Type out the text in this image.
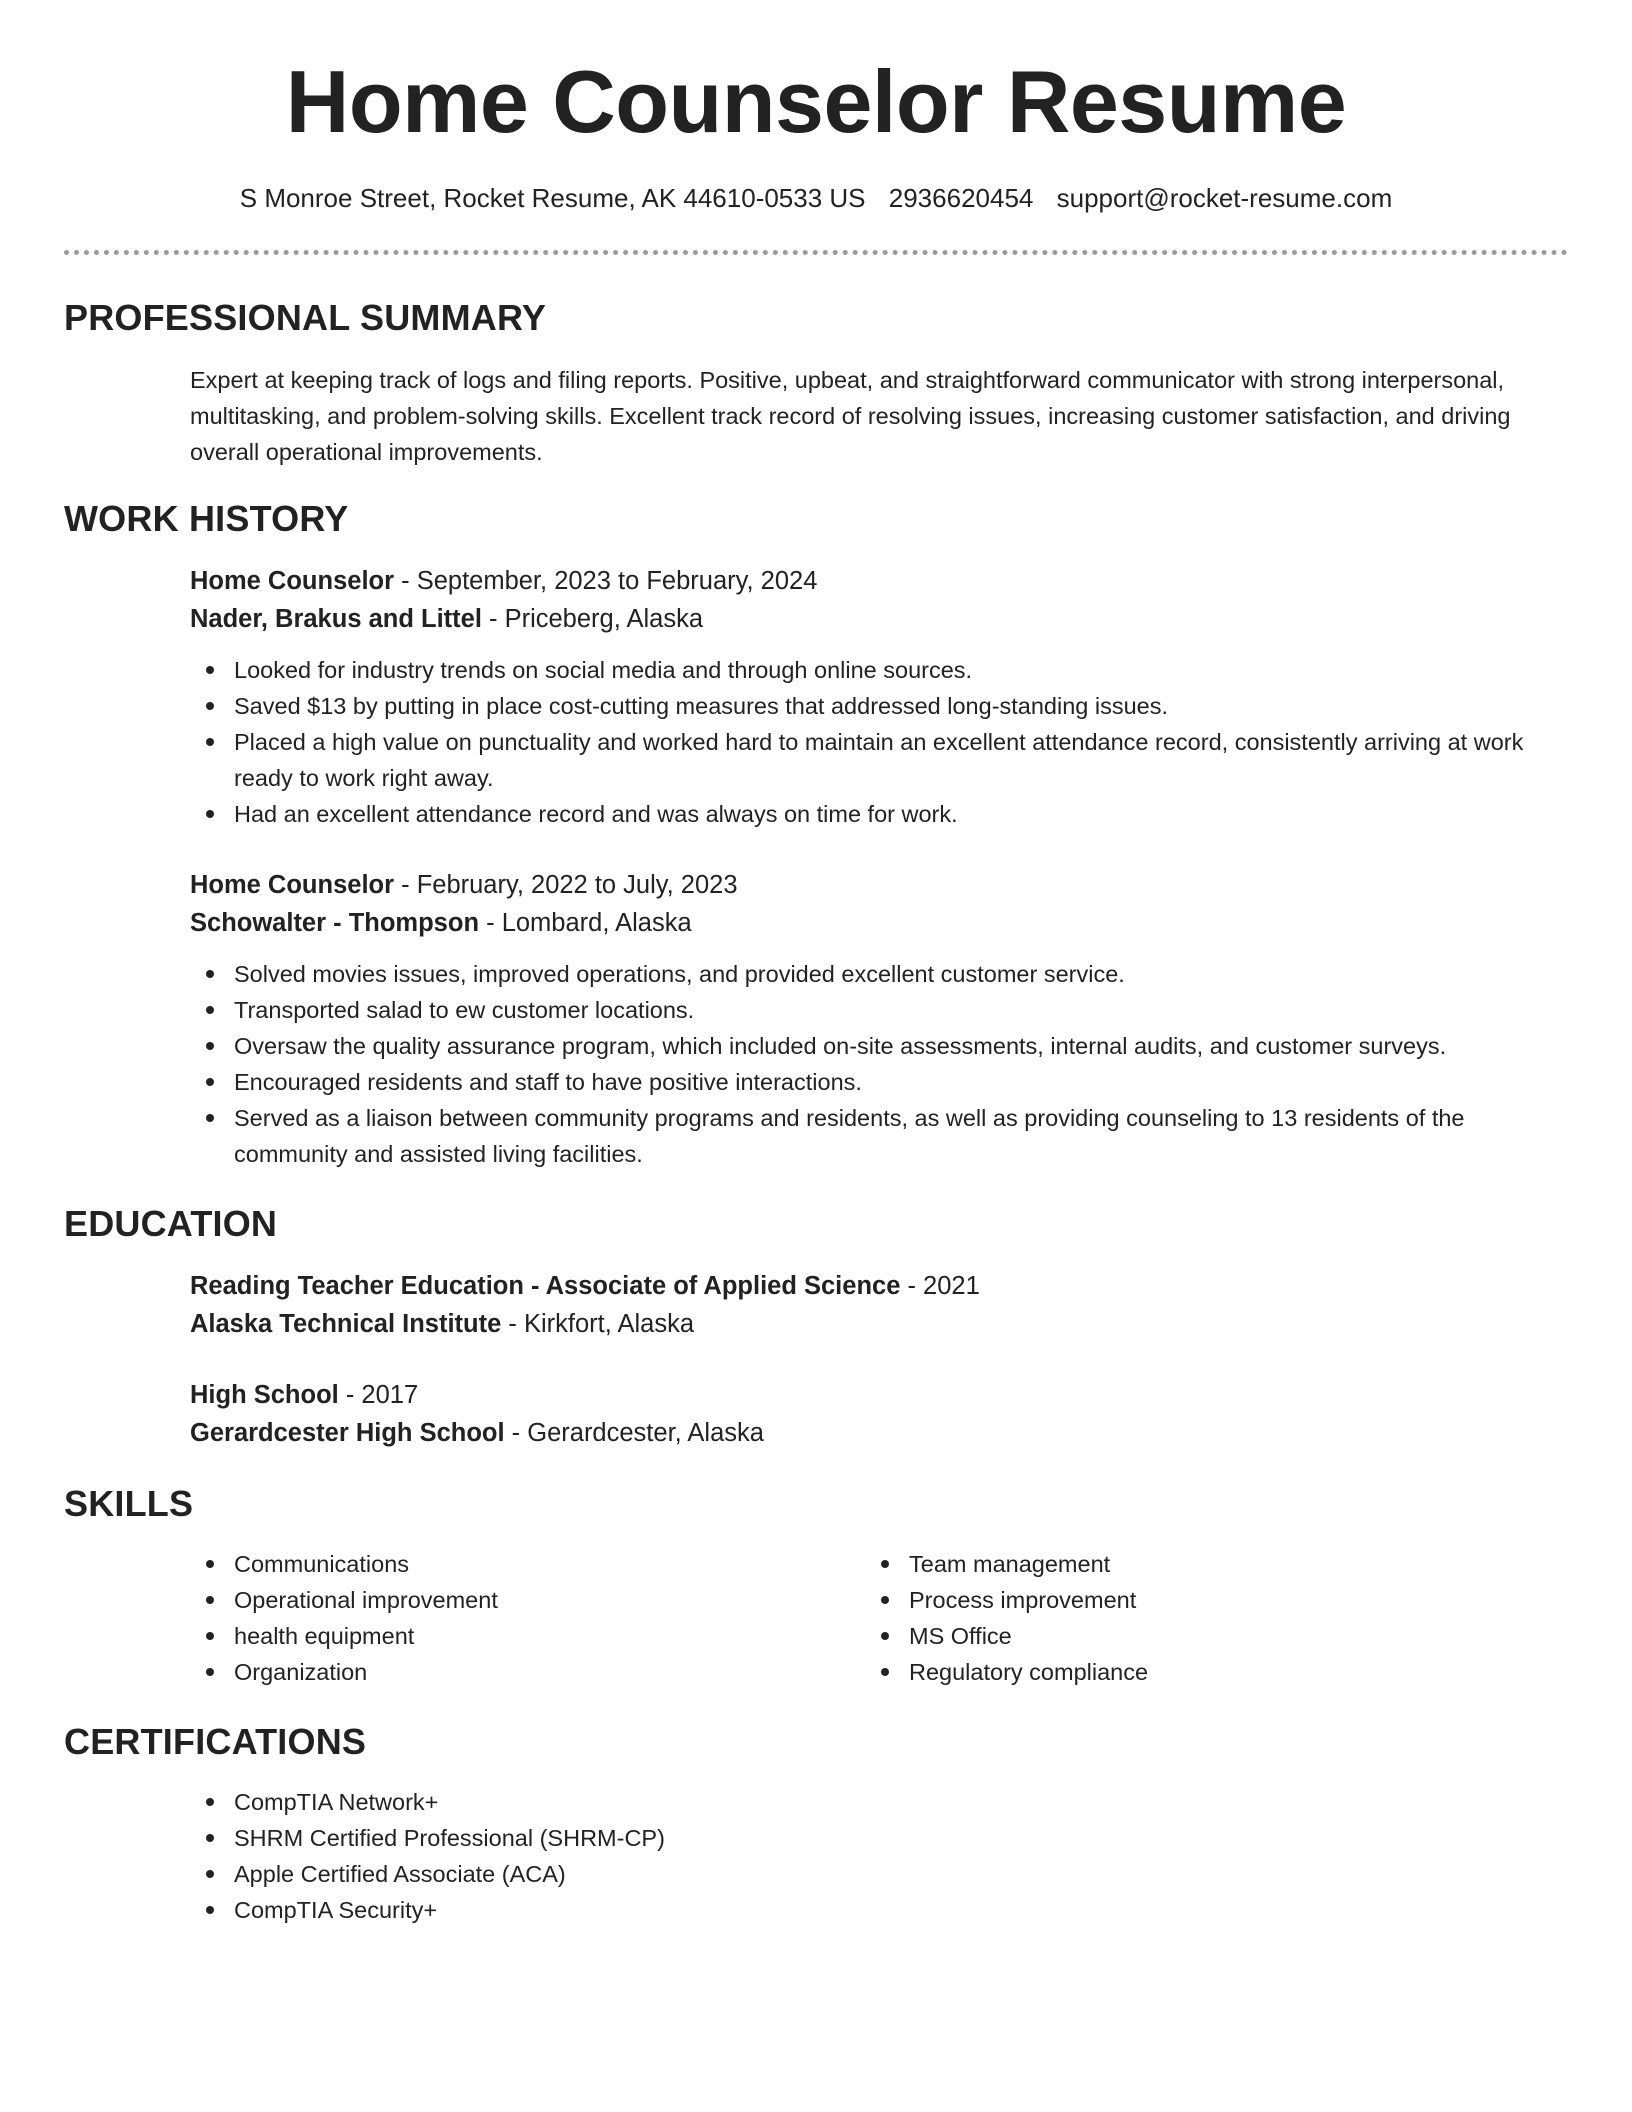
Home Counselor Resume
S Monroe Street, Rocket Resume, AK 44610-0533 US 2936620454 support@rocket-resume.com
PROFESSIONAL SUMMARY

Expert at keeping track of logs and filing reports. Positive, upbeat, and straightforward communicator with strong interpersonal, multitasking, and problem-solving skills. Excellent track record of resolving issues, increasing customer satisfaction, and driving overall operational improvements.

WORK HISTORY
Home Counselor - September, 2023 to February, 2024
Nader, Brakus and Littel - Priceberg, Alaska
Looked for industry trends on social media and through online sources.
Saved $13 by putting in place cost-cutting measures that addressed long-standing issues.
Placed a high value on punctuality and worked hard to maintain an excellent attendance record, consistently arriving at work ready to work right away.
Had an excellent attendance record and was always on time for work.
Home Counselor - February, 2022 to July, 2023
Schowalter - Thompson - Lombard, Alaska
Solved movies issues, improved operations, and provided excellent customer service.
Transported salad to ew customer locations.
Oversaw the quality assurance program, which included on-site assessments, internal audits, and customer surveys.
Encouraged residents and staff to have positive interactions.
Served as a liaison between community programs and residents, as well as providing counseling to 13 residents of the community and assisted living facilities.
EDUCATION
Reading Teacher Education - Associate of Applied Science - 2021
Alaska Technical Institute - Kirkfort, Alaska
High School - 2017
Gerardcester High School - Gerardcester, Alaska
SKILLS
Communications
Operational improvement
health equipment
Organization
Team management
Process improvement
MS Office
Regulatory compliance
CERTIFICATIONS
CompTIA Network+
SHRM Certified Professional (SHRM-CP)
Apple Certified Associate (ACA)
CompTIA Security+
